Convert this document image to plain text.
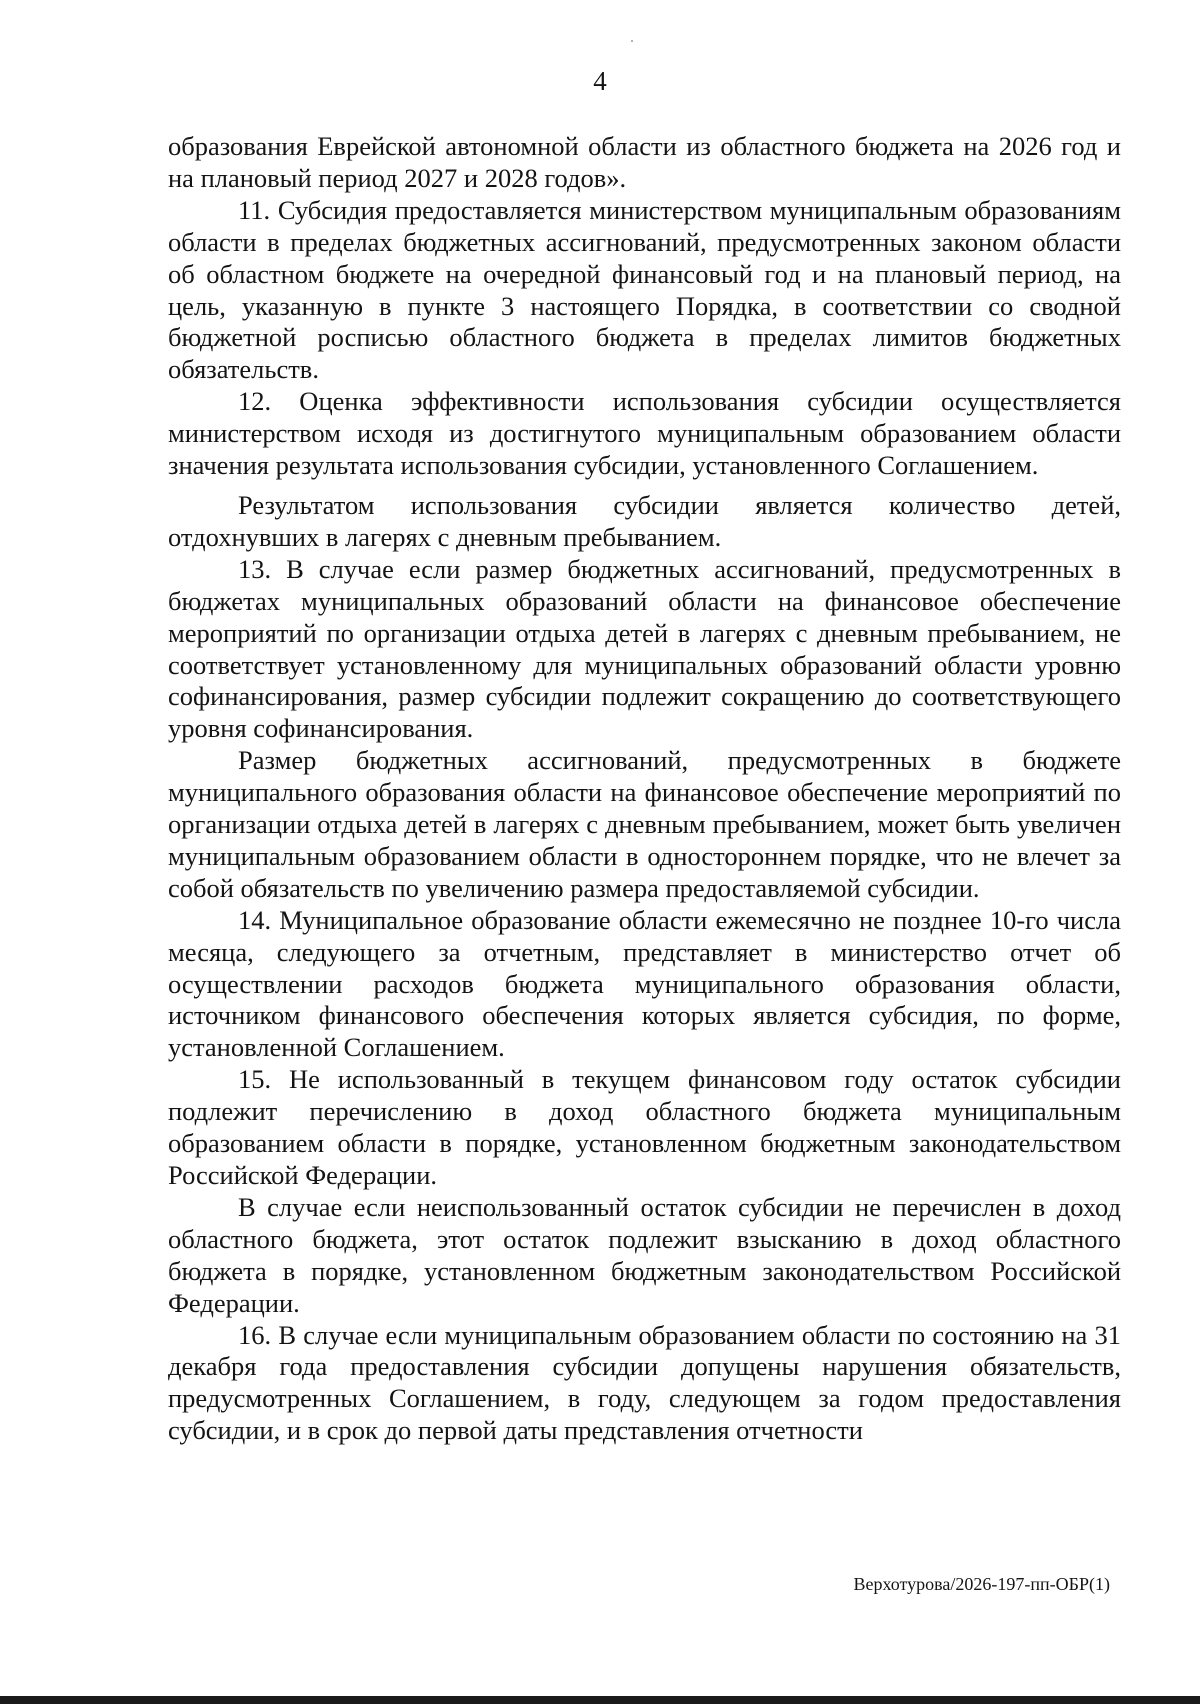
4

образования Еврейской автономной области из областного бюджета на 2026 год и на плановый период 2027 и 2028 годов».

11. Субсидия предоставляется министерством муниципальным образованиям области в пределах бюджетных ассигнований, предусмотренных законом области об областном бюджете на очередной финансовый год и на плановый период, на цель, указанную в пункте 3 настоящего Порядка, в соответствии со сводной бюджетной росписью областного бюджета в пределах лимитов бюджетных обязательств.

12. Оценка эффективности использования субсидии осуществляется министерством исходя из достигнутого муниципальным образованием области значения результата использования субсидии, установленного Соглашением.

Результатом использования субсидии является количество детей, отдохнувших в лагерях с дневным пребыванием.

13. В случае если размер бюджетных ассигнований, предусмотренных в бюджетах муниципальных образований области на финансовое обеспечение мероприятий по организации отдыха детей в лагерях с дневным пребыванием, не соответствует установленному для муниципальных образований области уровню софинансирования, размер субсидии подлежит сокращению до соответствующего уровня софинансирования.

Размер бюджетных ассигнований, предусмотренных в бюджете муниципального образования области на финансовое обеспечение мероприятий по организации отдыха детей в лагерях с дневным пребыванием, может быть увеличен муниципальным образованием области в одностороннем порядке, что не влечет за собой обязательств по увеличению размера предоставляемой субсидии.

14. Муниципальное образование области ежемесячно не позднее 10-го числа месяца, следующего за отчетным, представляет в министерство отчет об осуществлении расходов бюджета муниципального образования области, источником финансового обеспечения которых является субсидия, по форме, установленной Соглашением.

15. Не использованный в текущем финансовом году остаток субсидии подлежит перечислению в доход областного бюджета муниципальным образованием области в порядке, установленном бюджетным законодательством Российской Федерации.

В случае если неиспользованный остаток субсидии не перечислен в доход областного бюджета, этот остаток подлежит взысканию в доход областного бюджета в порядке, установленном бюджетным законодательством Российской Федерации.

16. В случае если муниципальным образованием области по состоянию на 31 декабря года предоставления субсидии допущены нарушения обязательств, предусмотренных Соглашением, в году, следующем за годом предоставления субсидии, и в срок до первой даты представления отчетности

Верхотурова/2026-197-пп-ОБР(1)
